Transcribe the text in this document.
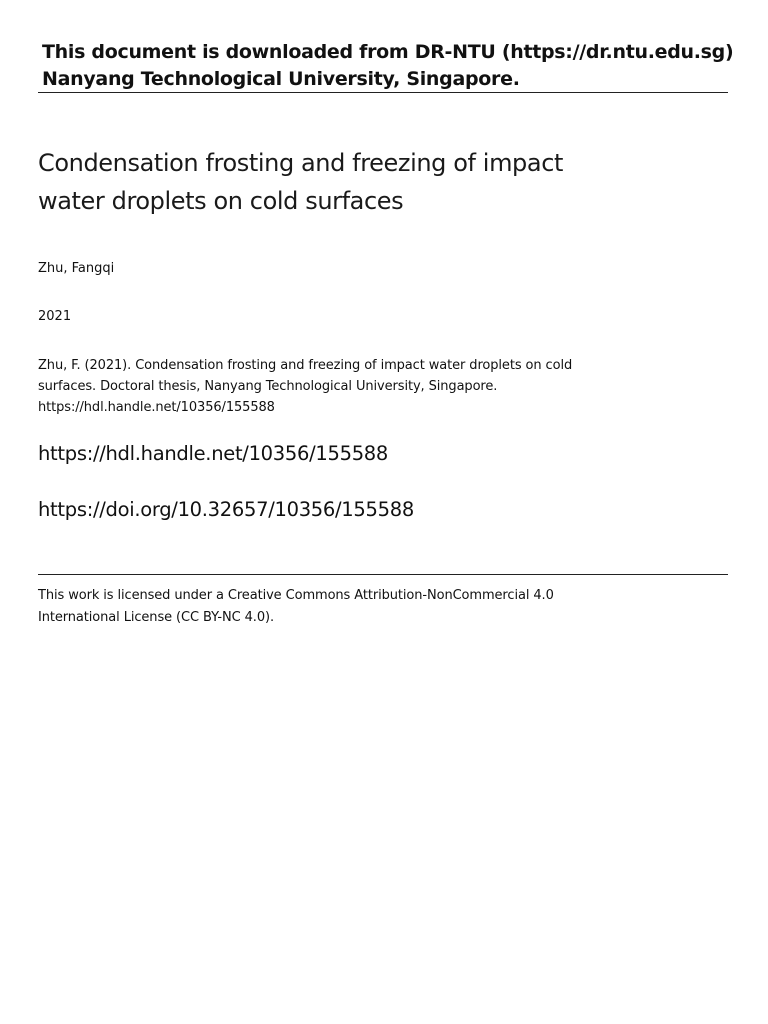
This document is downloaded from DR-NTU (https://dr.ntu.edu.sg)
Nanyang Technological University, Singapore.
Condensation frosting and freezing of impact
water droplets on cold surfaces
Zhu, Fangqi
2021
Zhu, F. (2021). Condensation frosting and freezing of impact water droplets on cold
surfaces. Doctoral thesis, Nanyang Technological University, Singapore.
https://hdl.handle.net/10356/155588
https://hdl.handle.net/10356/155588
https://doi.org/10.32657/10356/155588
This work is licensed under a Creative Commons Attribution-NonCommercial 4.0
International License (CC BY-NC 4.0).
